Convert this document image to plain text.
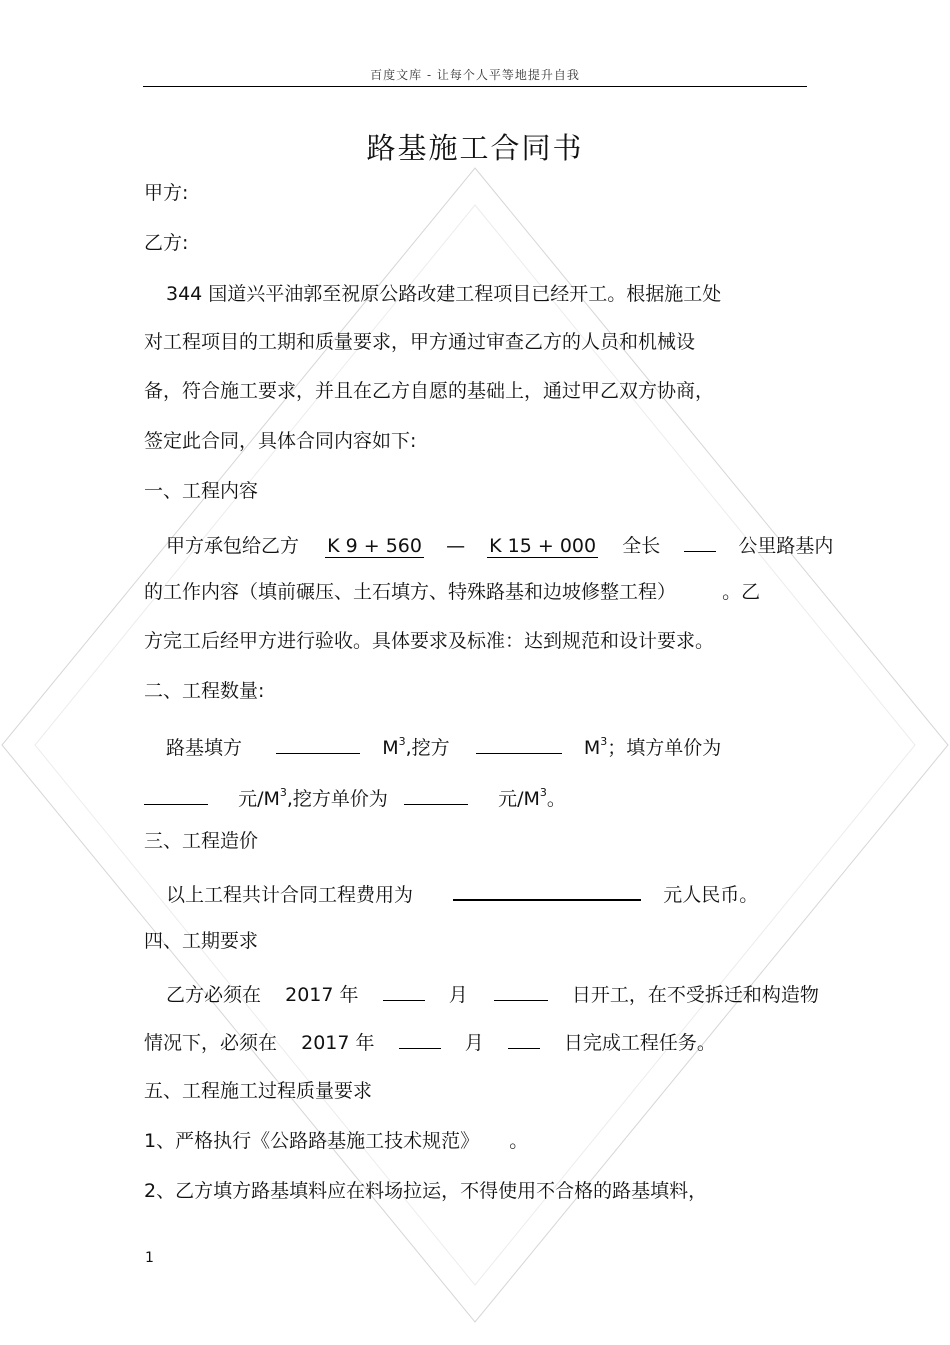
百度文库 - 让每个人平等地提升自我
路基施工合同书
甲方:
乙方:
344 国道兴平油郭至祝原公路改建工程项目已经开工。根据施工处
对工程项目的工期和质量要求，甲方通过审查乙方的人员和机械设
备，符合施工要求，并且在乙方自愿的基础上，通过甲乙双方协商，
签定此合同，具体合同内容如下:
一、工程内容
甲方承包给乙方 K 9 + 560 — K 15 + 000 全长	公里路基内
的工作内容（填前碾压、土石填方、特殊路基和边坡修整工程） 。乙
方完工后经甲方进行验收。具体要求及标准：达到规范和设计要求。
二、工程数量:
路基填方	$M^3$,挖方	$M^3$；填方单价为
元$/M^3$,挖方单价为	元$/M^3$。
三、工程造价
以上工程共计合同工程费用为	元人民币。
四、工期要求
乙方必须在 2017 年	月	日开工，在不受拆迁和构造物
情况下，必须在 2017 年	月	日完成工程任务。
五、工程施工过程质量要求
1、严格执行《公路路基施工技术规范》 。
2、乙方填方路基填料应在料场拉运，不得使用不合格的路基填料，
1
